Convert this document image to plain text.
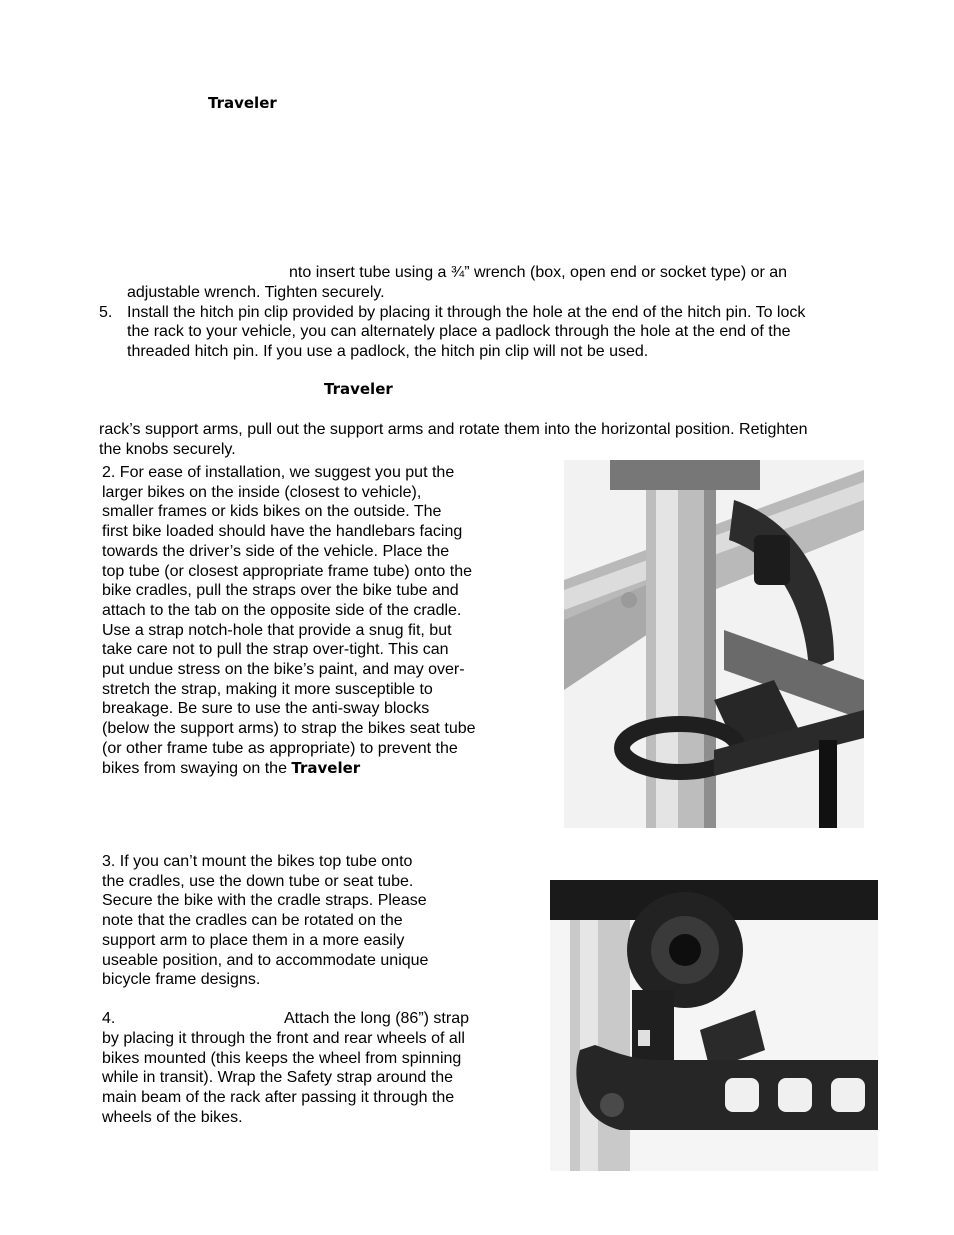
Traveler
nto insert tube using a ¾” wrench (box, open end or socket type) or an
adjustable wrench. Tighten securely.
5. Install the hitch pin clip provided by placing it through the hole at the end of the hitch pin. To lock
the rack to your vehicle, you can alternately place a padlock through the hole at the end of the
threaded hitch pin. If you use a padlock, the hitch pin clip will not be used.
Traveler
rack’s support arms, pull out the support arms and rotate them into the horizontal position. Retighten
the knobs securely.

2. For ease of installation, we suggest you put the

larger bikes on the inside (closest to vehicle),

smaller frames or kids bikes on the outside. The

first bike loaded should have the handlebars facing

towards the driver’s side of the vehicle. Place the

top tube (or closest appropriate frame tube) onto the

bike cradles, pull the straps over the bike tube and

attach to the tab on the opposite side of the cradle.

Use a strap notch-hole that provide a snug fit, but

take care not to pull the strap over-tight. This can

put undue stress on the bike’s paint, and may over-

stretch the strap, making it more susceptible to

breakage. Be sure to use the anti-sway blocks

(below the support arms) to strap the bikes seat tube

(or other frame tube as appropriate) to prevent the

bikes from swaying on the Traveler

3. If you can’t mount the bikes top tube onto

the cradles, use the down tube or seat tube.

Secure the bike with the cradle straps. Please

note that the cradles can be rotated on the

support arm to place them in a more easily

useable position, and to accommodate unique

bicycle frame designs.

4.	Attach the long (86”) strap

by placing it through the front and rear wheels of all

bikes mounted (this keeps the wheel from spinning

while in transit). Wrap the Safety strap around the

main beam of the rack after passing it through the

wheels of the bikes.
